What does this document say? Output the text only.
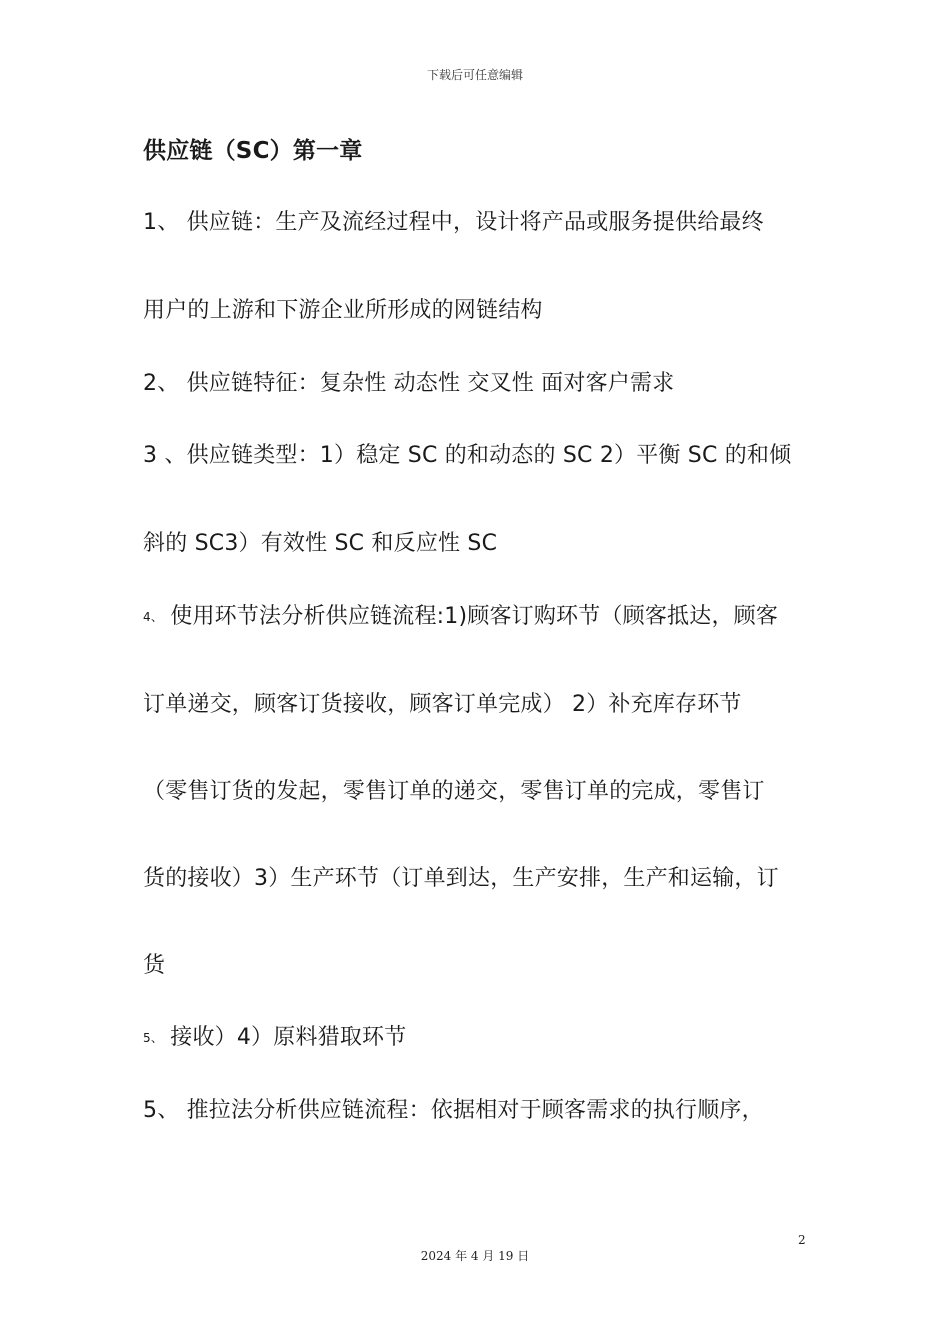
下载后可任意编辑
供应链（SC）第一章
1、 供应链：生产及流经过程中，设计将产品或服务提供给最终
用户的上游和下游企业所形成的网链结构
2、 供应链特征：复杂性 动态性 交叉性 面对客户需求
3 、供应链类型：1）稳定 SC 的和动态的 SC 2）平衡 SC 的和倾
斜的 SC3）有效性 SC 和反应性 SC
4、 使用环节法分析供应链流程:1)顾客订购环节（顾客抵达，顾客
订单递交，顾客订货接收，顾客订单完成） 2）补充库存环节
（零售订货的发起，零售订单的递交，零售订单的完成，零售订
货的接收）3）生产环节（订单到达，生产安排，生产和运输，订
货
5、 接收）4）原料猎取环节
5、 推拉法分析供应链流程：依据相对于顾客需求的执行顺序，
2
2024 年 4 月 19 日
